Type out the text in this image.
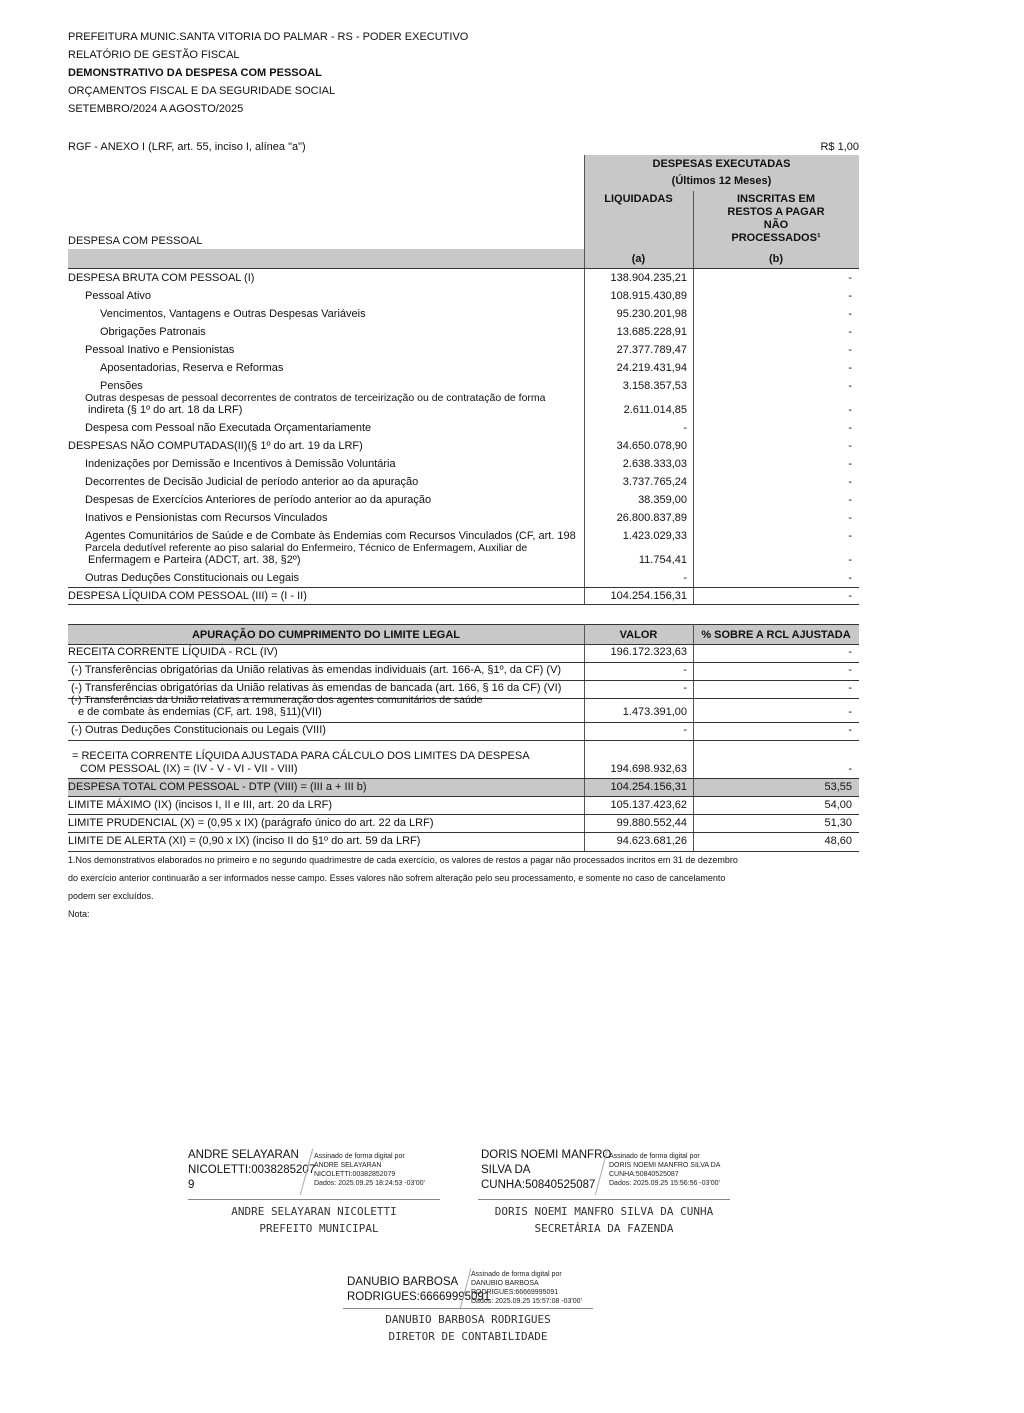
PREFEITURA MUNIC.SANTA VITORIA DO PALMAR - RS - PODER EXECUTIVO
RELATÓRIO DE GESTÃO FISCAL
DEMONSTRATIVO DA DESPESA COM PESSOAL
ORÇAMENTOS FISCAL E DA SEGURIDADE SOCIAL
SETEMBRO/2024 A AGOSTO/2025
RGF - ANEXO I (LRF, art. 55, inciso I, alínea "a")	R$ 1,00
DESPESAS EXECUTADAS
(Últimos 12 Meses)
LIQUIDADAS	INSCRITAS EM RESTOS A PAGAR NÃO PROCESSADOS¹
DESPESA COM PESSOAL
(a)	(b)
DESPESA BRUTA COM PESSOAL (I)	138.904.235,21	-
Pessoal Ativo	108.915.430,89	-
Vencimentos, Vantagens e Outras Despesas Variáveis	95.230.201,98	-
Obrigações Patronais	13.685.228,91	-
Pessoal Inativo e Pensionistas	27.377.789,47	-
Aposentadorias, Reserva e Reformas	24.219.431,94	-
Pensões	3.158.357,53	-
Outras despesas de pessoal decorrentes de contratos de terceirização ou de contratação de forma
indireta (§ 1º do art. 18 da LRF)	2.611.014,85	-
Despesa com Pessoal não Executada Orçamentariamente	-	-
DESPESAS NÃO COMPUTADAS(II)(§ 1º do art. 19 da LRF)	34.650.078,90	-
Indenizações por Demissão e Incentivos à Demissão Voluntária	2.638.333,03	-
Decorrentes de Decisão Judicial de período anterior ao da apuração	3.737.765,24	-
Despesas de Exercícios Anteriores de período anterior ao da apuração	38.359,00	-
Inativos e Pensionistas com Recursos Vinculados	26.800.837,89	-
Agentes Comunitários de Saúde e de Combate às Endemias com Recursos Vinculados (CF, art. 198	1.423.029,33	-
Parcela dedutível referente ao piso salarial do Enfermeiro, Técnico de Enfermagem, Auxiliar de
Enfermagem e Parteira (ADCT, art. 38, §2º)	11.754,41	-
Outras Deduções Constitucionais ou Legais	-	-
DESPESA LÍQUIDA COM PESSOAL (III) = (I - II)	104.254.156,31	-
APURAÇÃO DO CUMPRIMENTO DO LIMITE LEGAL	VALOR	% SOBRE A RCL AJUSTADA
RECEITA CORRENTE LÍQUIDA - RCL (IV)	196.172.323,63	-
(-) Transferências obrigatórias da União relativas às emendas individuais (art. 166-A, §1º, da CF) (V)	-	-
(-) Transferências obrigatórias da União relativas às emendas de bancada (art. 166, § 16 da CF) (VI)	-	-
(-) Transferências da União relativas a remuneração dos agentes comunitários de saúde
e de combate às endemias (CF, art. 198, §11)(VII)	1.473.391,00	-
(-) Outras Deduções Constitucionais ou Legais (VIII)	-	-
= RECEITA CORRENTE LÍQUIDA AJUSTADA PARA CÁLCULO DOS LIMITES DA DESPESA
COM PESSOAL (IX) = (IV - V - VI - VII - VIII)	194.698.932,63	-
DESPESA TOTAL COM PESSOAL - DTP (VIII) = (III a + III b)	104.254.156,31	53,55
LIMITE MÁXIMO (IX) (incisos I, II e III, art. 20 da LRF)	105.137.423,62	54,00
LIMITE PRUDENCIAL (X) = (0,95 x IX) (parágrafo único do art. 22 da LRF)	99.880.552,44	51,30
LIMITE DE ALERTA (XI) = (0,90 x IX) (inciso II do §1º do art. 59 da LRF)	94.623.681,26	48,60
1.Nos demonstrativos elaborados no primeiro e no segundo quadrimestre de cada exercício, os valores de restos a pagar não processados incritos em 31 de dezembro
do exercício anterior continuarão a ser informados nesse campo. Esses valores não sofrem alteração pelo seu processamento, e somente no caso de cancelamento
podem ser excluídos.
Nota:
ANDRE SELAYARAN
NICOLETTI:0038285207
9
Assinado de forma digital por
ANDRE SELAYARAN
NICOLETTI:00382852079
Dados: 2025.09.25 18:24:53 -03'00'
ANDRE SELAYARAN NICOLETTI
PREFEITO MUNICIPAL
DORIS NOEMI MANFRO
SILVA DA
CUNHA:50840525087
Assinado de forma digital por
DORIS NOEMI MANFRO SILVA DA
CUNHA:50840525087
Dados: 2025.09.25 15:56:56 -03'00'
DORIS NOEMI MANFRO SILVA DA CUNHA
SECRETÁRIA DA FAZENDA
DANUBIO BARBOSA
RODRIGUES:66669995091
Assinado de forma digital por
DANUBIO BARBOSA
RODRIGUES:66669995091
Dados: 2025.09.25 15:57:08 -03'00'
DANUBIO BARBOSA RODRIGUES
DIRETOR DE CONTABILIDADE
